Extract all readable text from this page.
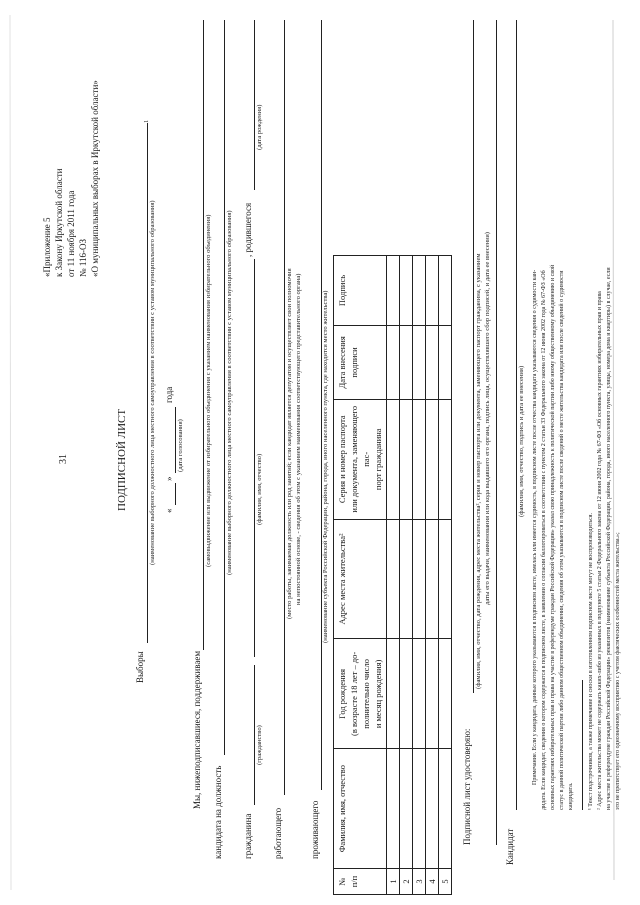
31
«Приложение 5 к Закону Иркутской области от 11 ноября 2011 года № 116-ОЗ «О муниципальных выборах в Иркутской области»
ПОДПИСНОЙ ЛИСТ
Выборы
(наименование выборного должностного лица местного самоуправления в соответствии с уставом муниципального образования)
1
«
»
года
(дата голосования)
Мы, нижеподписавшиеся, поддерживаем
(самовыдвижение или выдвижение от избирательного объединения с указанием наименования избирательного объединения)
кандидата на должность
(наименование выборного должностного лица местного самоуправления в соответствии с уставом муниципального образования)
гражданина
, родившегося
(гражданство)
(фамилия, имя, отчество)
(дата рождения)
работающего
(место работы, занимаемая должность или род занятий; если кандидат является депутатом и осуществляет свои полномочия на непостоянной основе, - сведения об этом с указанием наименования соответствующего представительного органа)
проживающего
(наименование субъекта Российской Федерации, района, города, иного населенного пункта, где находится место жительства)
№
п/п	Фамилия, имя, отчество	Год рождения
(в возрасте 18 лет – до-
полнительно число
и месяц рождения)	Адрес места жительства²	Серия и номер паспорта
или документа, заменяющего пас-
порт гражданина	Дата внесения
подписи	Подпись
1						
2						
3						
4						
5						
Подписной лист удостоверяю:
(фамилия, имя, отчество, дата рождения, адрес места жительства², серия и номер паспорта или документа, заменяющего паспорт гражданина, с указанием даты его выдачи, наименования или кода выдавшего его органа, подпись лица, осуществлявшего сбор подписей, и дата ее внесения)
Кандидат
(фамилия, имя, отчество, подпись и дата ее внесения) Примечание. Если у кандидата, данные которого указываются в подписном листе, имелась или имеется судимость, в подписном листе после отчества кандидата указываются сведения о судимости кан- дидата. Если кандидат, сведения о котором содержатся в подписном листе, в заявлении о согласии баллотироваться в соответствии с пунктом 2 статьи 33 Федерального закона от 12 июня 2002 года № 67-ФЗ «Об основных гарантиях избирательных прав и права на участие в референдуме граждан Российской Федерации» указал свою принадлежность к политической партии либо иному общественному объединению и свой статус в данной политической партии либо данном общественном объединении, сведения об этом указываются в подписном листе после сведений о месте жительства кандидата или после сведений о судимости кандидата. ¹ Текст подстрочников, а также примечание и сноски в изготовленном подписном листе могут не воспроизводиться. ² Адрес места жительства может не содержать каких-либо из указанных в подпункте 5 статьи 2 Федерального закона от 12 июня 2002 года № 67-ФЗ «Об основных гарантиях избирательных прав и права на участие в референдуме граждан Российской Федерации» реквизитов (наименование субъекта Российской Федерации, района, города, иного населенного пункта, улицы, номера дома и квартиры) в случае, если это не препятствует его однозначному восприятию с учетом фактических особенностей места жительства.»;
